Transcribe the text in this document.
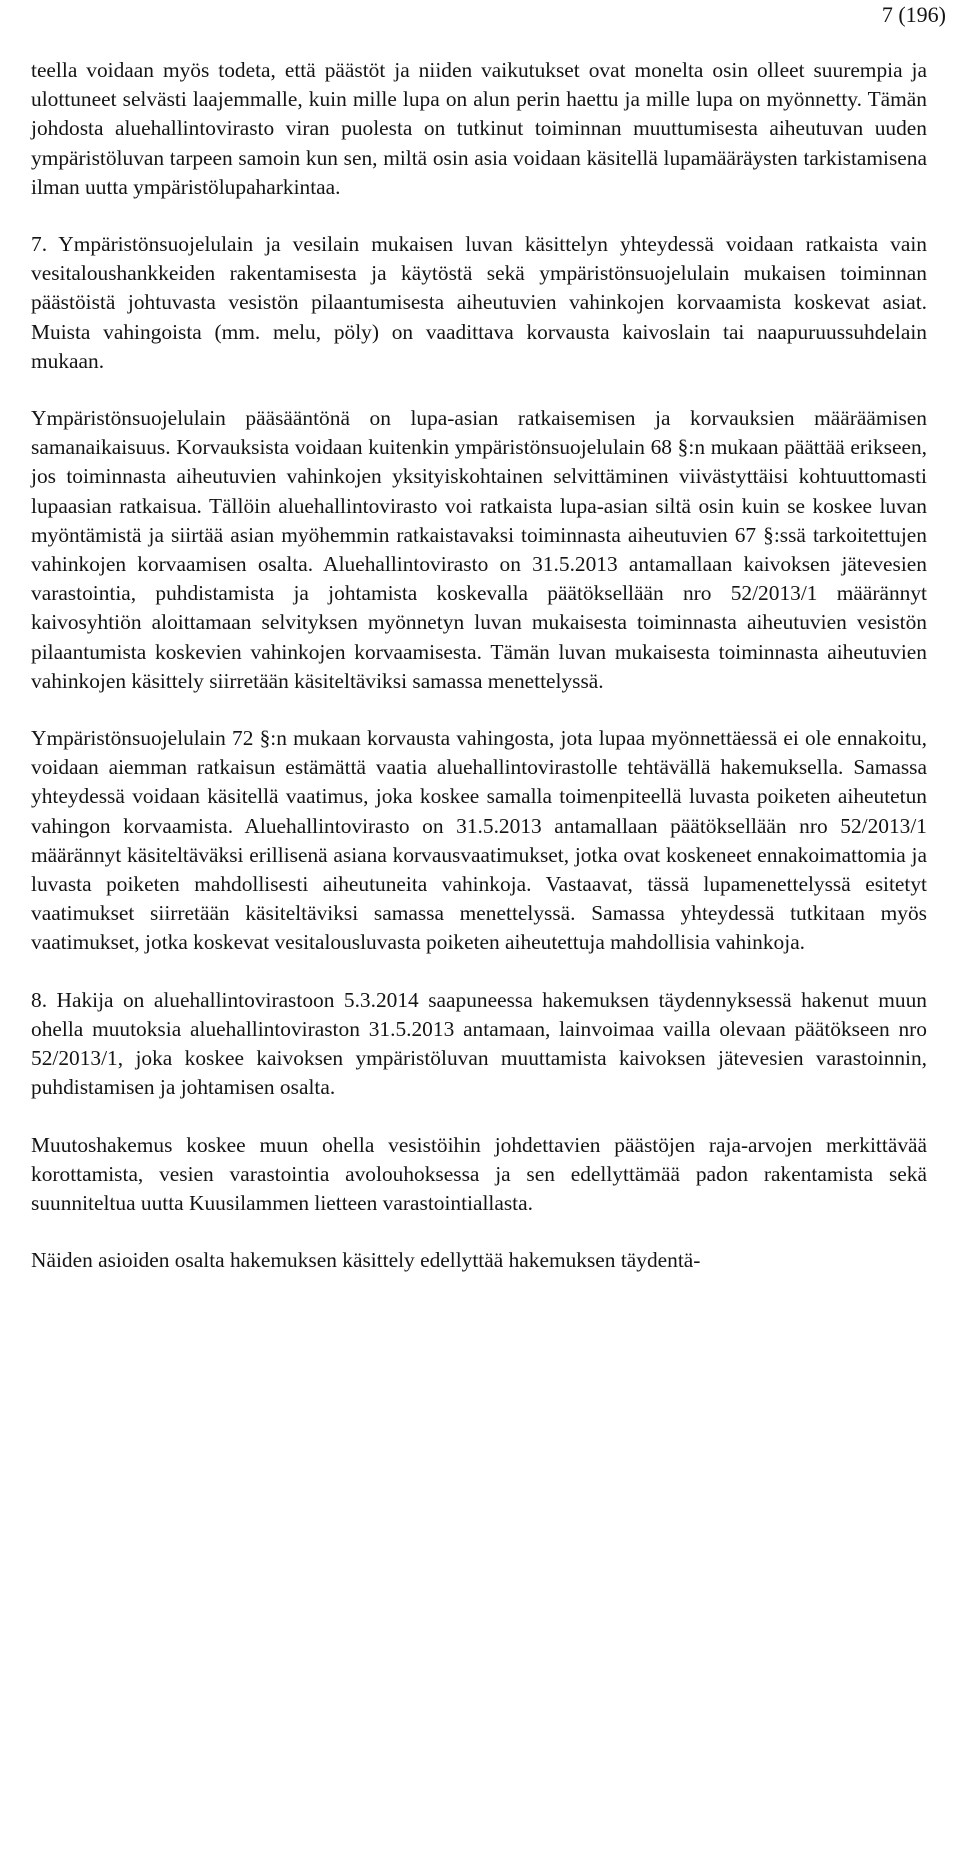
7 (196)

teella voidaan myös todeta, että päästöt ja niiden vaikutukset ovat monelta osin olleet suurempia ja ulottuneet selvästi laajemmalle, kuin mille lupa on alun perin haettu ja mille lupa on myönnetty. Tämän johdosta aluehallintovirasto viran puolesta on tutkinut toiminnan muuttumisesta aiheutuvan uuden ympäristöluvan tarpeen samoin kun sen, miltä osin asia voidaan käsitellä lupamääräysten tarkistamisena ilman uutta ympäristölupaharkintaa.

7. Ympäristönsuojelulain ja vesilain mukaisen luvan käsittelyn yhteydessä voidaan ratkaista vain vesitaloushankkeiden rakentamisesta ja käytöstä sekä ympäristönsuojelulain mukaisen toiminnan päästöistä johtuvasta vesistön pilaantumisesta aiheutuvien vahinkojen korvaamista koskevat asiat. Muista vahingoista (mm. melu, pöly) on vaadittava korvausta kaivoslain tai naapuruussuhdelain mukaan.

Ympäristönsuojelulain pääsääntönä on lupa-asian ratkaisemisen ja korvauksien määräämisen samanaikaisuus. Korvauksista voidaan kuitenkin ympäristönsuojelulain 68 §:n mukaan päättää erikseen, jos toiminnasta aiheutuvien vahinkojen yksityiskohtainen selvittäminen viivästyttäisi kohtuuttomasti lupaasian ratkaisua. Tällöin aluehallintovirasto voi ratkaista lupa-asian siltä osin kuin se koskee luvan myöntämistä ja siirtää asian myöhemmin ratkaistavaksi toiminnasta aiheutuvien 67 §:ssä tarkoitettujen vahinkojen korvaamisen osalta. Aluehallintovirasto on 31.5.2013 antamallaan kaivoksen jätevesien varastointia, puhdistamista ja johtamista koskevalla päätöksellään nro 52/2013/1 määrännyt kaivosyhtiön aloittamaan selvityksen myönnetyn luvan mukaisesta toiminnasta aiheutuvien vesistön pilaantumista koskevien vahinkojen korvaamisesta. Tämän luvan mukaisesta toiminnasta aiheutuvien vahinkojen käsittely siirretään käsiteltäviksi samassa menettelyssä.

Ympäristönsuojelulain 72 §:n mukaan korvausta vahingosta, jota lupaa myönnettäessä ei ole ennakoitu, voidaan aiemman ratkaisun estämättä vaatia aluehallintovirastolle tehtävällä hakemuksella. Samassa yhteydessä voidaan käsitellä vaatimus, joka koskee samalla toimenpiteellä luvasta poiketen aiheutetun vahingon korvaamista. Aluehallintovirasto on 31.5.2013 antamallaan päätöksellään nro 52/2013/1 määrännyt käsiteltäväksi erillisenä asiana korvausvaatimukset, jotka ovat koskeneet ennakoimattomia ja luvasta poiketen mahdollisesti aiheutuneita vahinkoja. Vastaavat, tässä lupamenettelyssä esitetyt vaatimukset siirretään käsiteltäviksi samassa menettelyssä. Samassa yhteydessä tutkitaan myös vaatimukset, jotka koskevat vesitalousluvasta poiketen aiheutettuja mahdollisia vahinkoja.

8. Hakija on aluehallintovirastoon 5.3.2014 saapuneessa hakemuksen täydennyksessä hakenut muun ohella muutoksia aluehallintoviraston 31.5.2013 antamaan, lainvoimaa vailla olevaan päätökseen nro 52/2013/1, joka koskee kaivoksen ympäristöluvan muuttamista kaivoksen jätevesien varastoinnin, puhdistamisen ja johtamisen osalta.

Muutoshakemus koskee muun ohella vesistöihin johdettavien päästöjen raja-arvojen merkittävää korottamista, vesien varastointia avolouhoksessa ja sen edellyttämää padon rakentamista sekä suunniteltua uutta Kuusilammen lietteen varastointiallasta.

Näiden asioiden osalta hakemuksen käsittely edellyttää hakemuksen täydentä-
